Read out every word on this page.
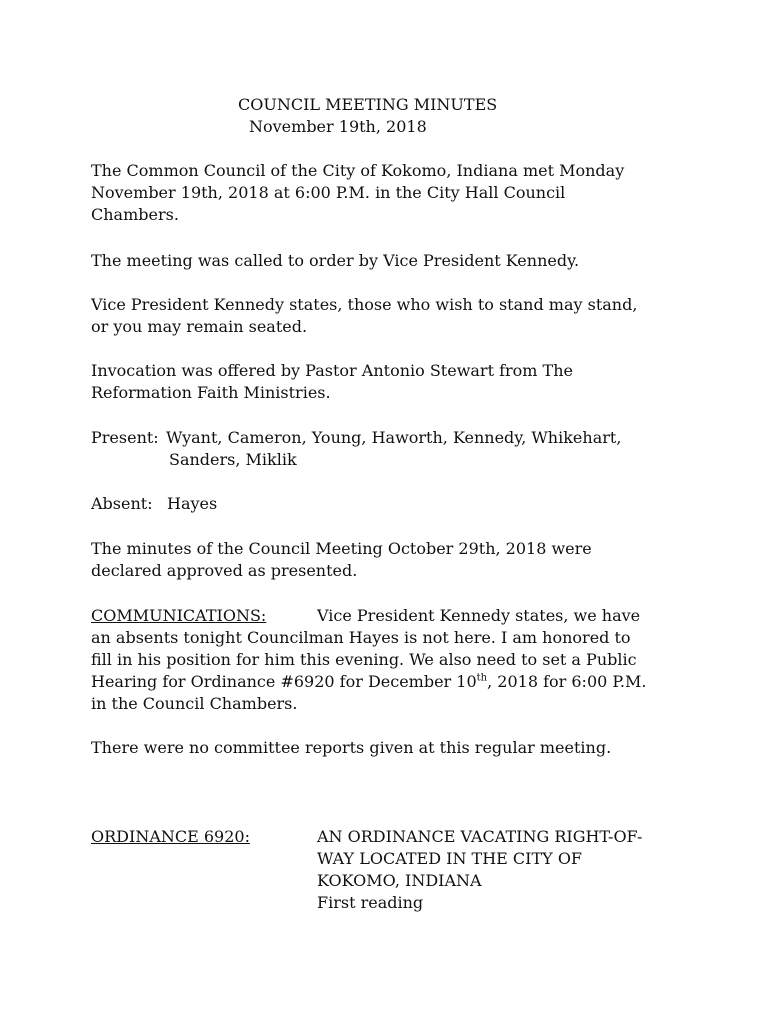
COUNCIL MEETING MINUTES
November 19th, 2018
The Common Council of the City of Kokomo, Indiana met Monday
November 19th, 2018 at 6:00 P.M. in the City Hall Council
Chambers.
The meeting was called to order by Vice President Kennedy.
Vice President Kennedy states, those who wish to stand may stand,
or you may remain seated.
Invocation was offered by Pastor Antonio Stewart from The
Reformation Faith Ministries.
Present: Wyant, Cameron, Young, Haworth, Kennedy, Whikehart,
Sanders, Miklik
Absent: Hayes
The minutes of the Council Meeting October 29th, 2018 were
declared approved as presented.
COMMUNICATIONS:	Vice President Kennedy states, we have
an absents tonight Councilman Hayes is not here. I am honored to
fill in his position for him this evening. We also need to set a Public
Hearing for Ordinance #6920 for December 10th, 2018 for 6:00 P.M.
in the Council Chambers.
There were no committee reports given at this regular meeting.
ORDINANCE 6920:	AN ORDINANCE VACATING RIGHT-OF-
WAY LOCATED IN THE CITY OF
KOKOMO, INDIANA
First reading
